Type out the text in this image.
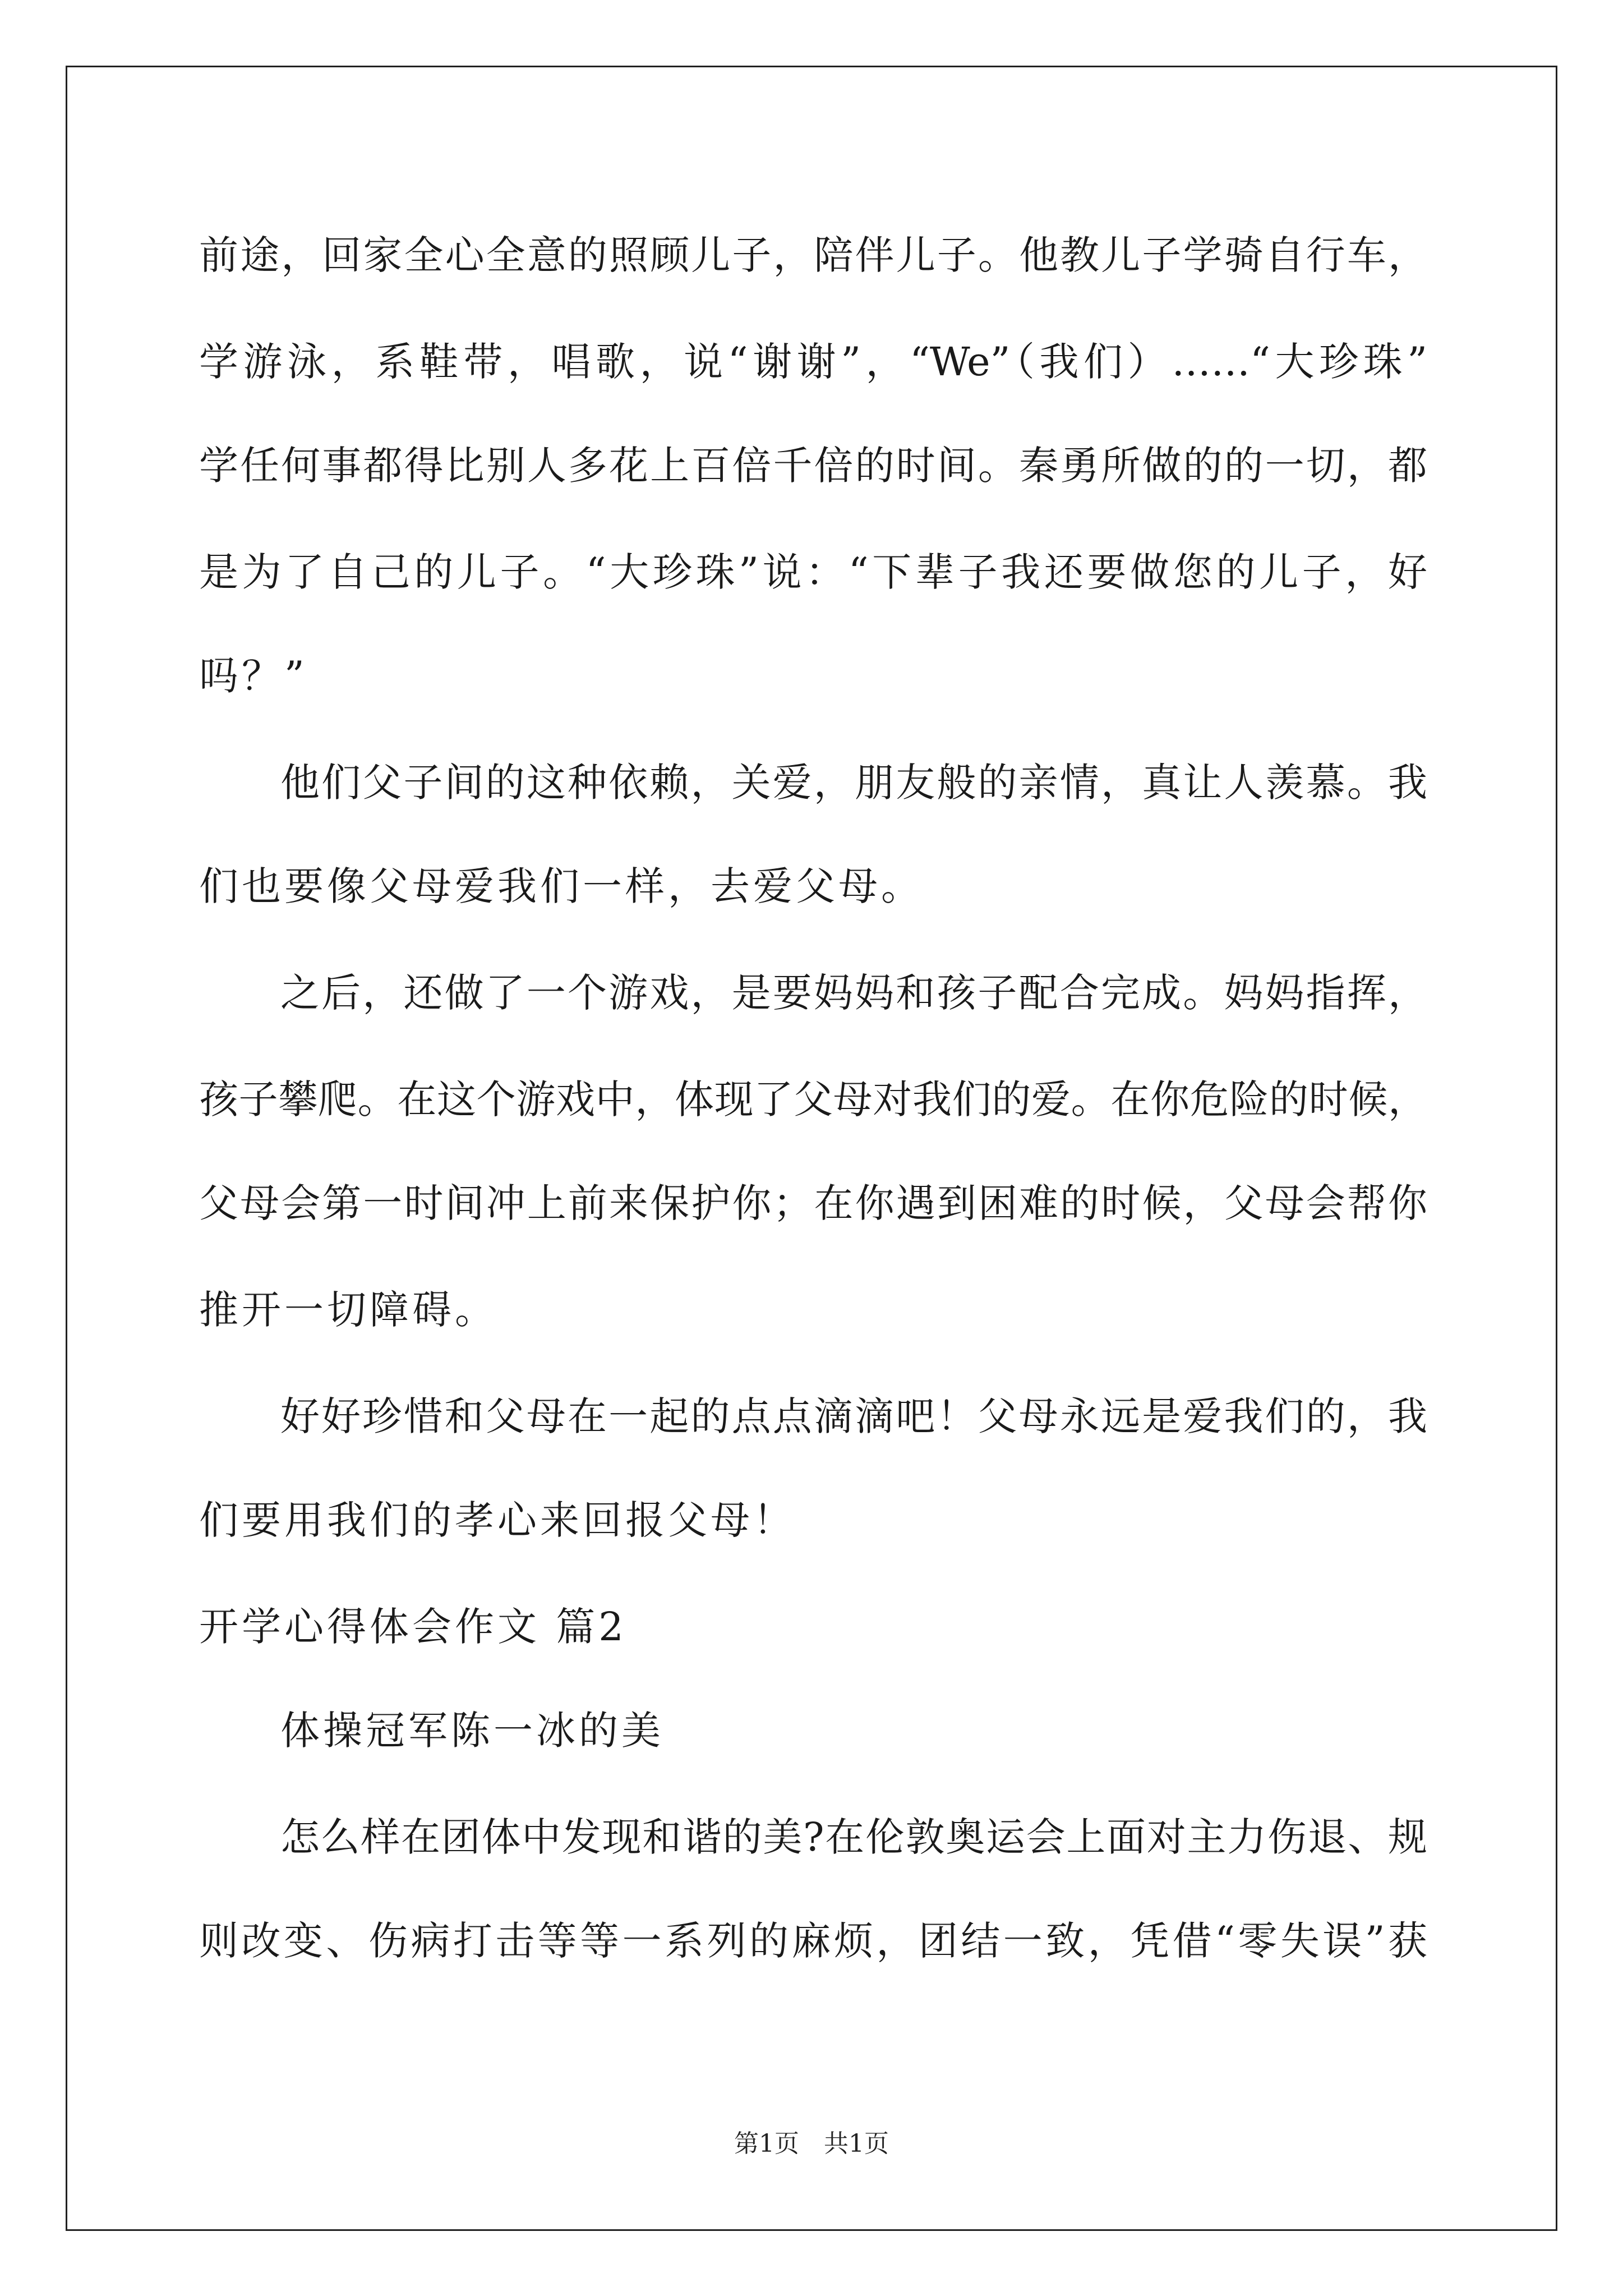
前途，回家全心全意的照顾儿子，陪伴儿子。他教儿子学骑自行车，
学游泳，系鞋带，唱歌，说“谢谢”，“We”（我们）……“大珍珠”
学任何事都得比别人多花上百倍千倍的时间。秦勇所做的的一切，都
是为了自己的儿子。“大珍珠”说：“下辈子我还要做您的儿子，好
吗？”
他们父子间的这种依赖，关爱，朋友般的亲情，真让人羡慕。我
们也要像父母爱我们一样，去爱父母。
之后，还做了一个游戏，是要妈妈和孩子配合完成。妈妈指挥，
孩子攀爬。在这个游戏中，体现了父母对我们的爱。在你危险的时候，
父母会第一时间冲上前来保护你；在你遇到困难的时候，父母会帮你
推开一切障碍。
好好珍惜和父母在一起的点点滴滴吧！父母永远是爱我们的，我
们要用我们的孝心来回报父母！
开学心得体会作文 篇2
体操冠军陈一冰的美
怎么样在团体中发现和谐的美?在伦敦奥运会上面对主力伤退、规
则改变、伤病打击等等一系列的麻烦，团结一致，凭借“零失误”获
第1页　共1页
